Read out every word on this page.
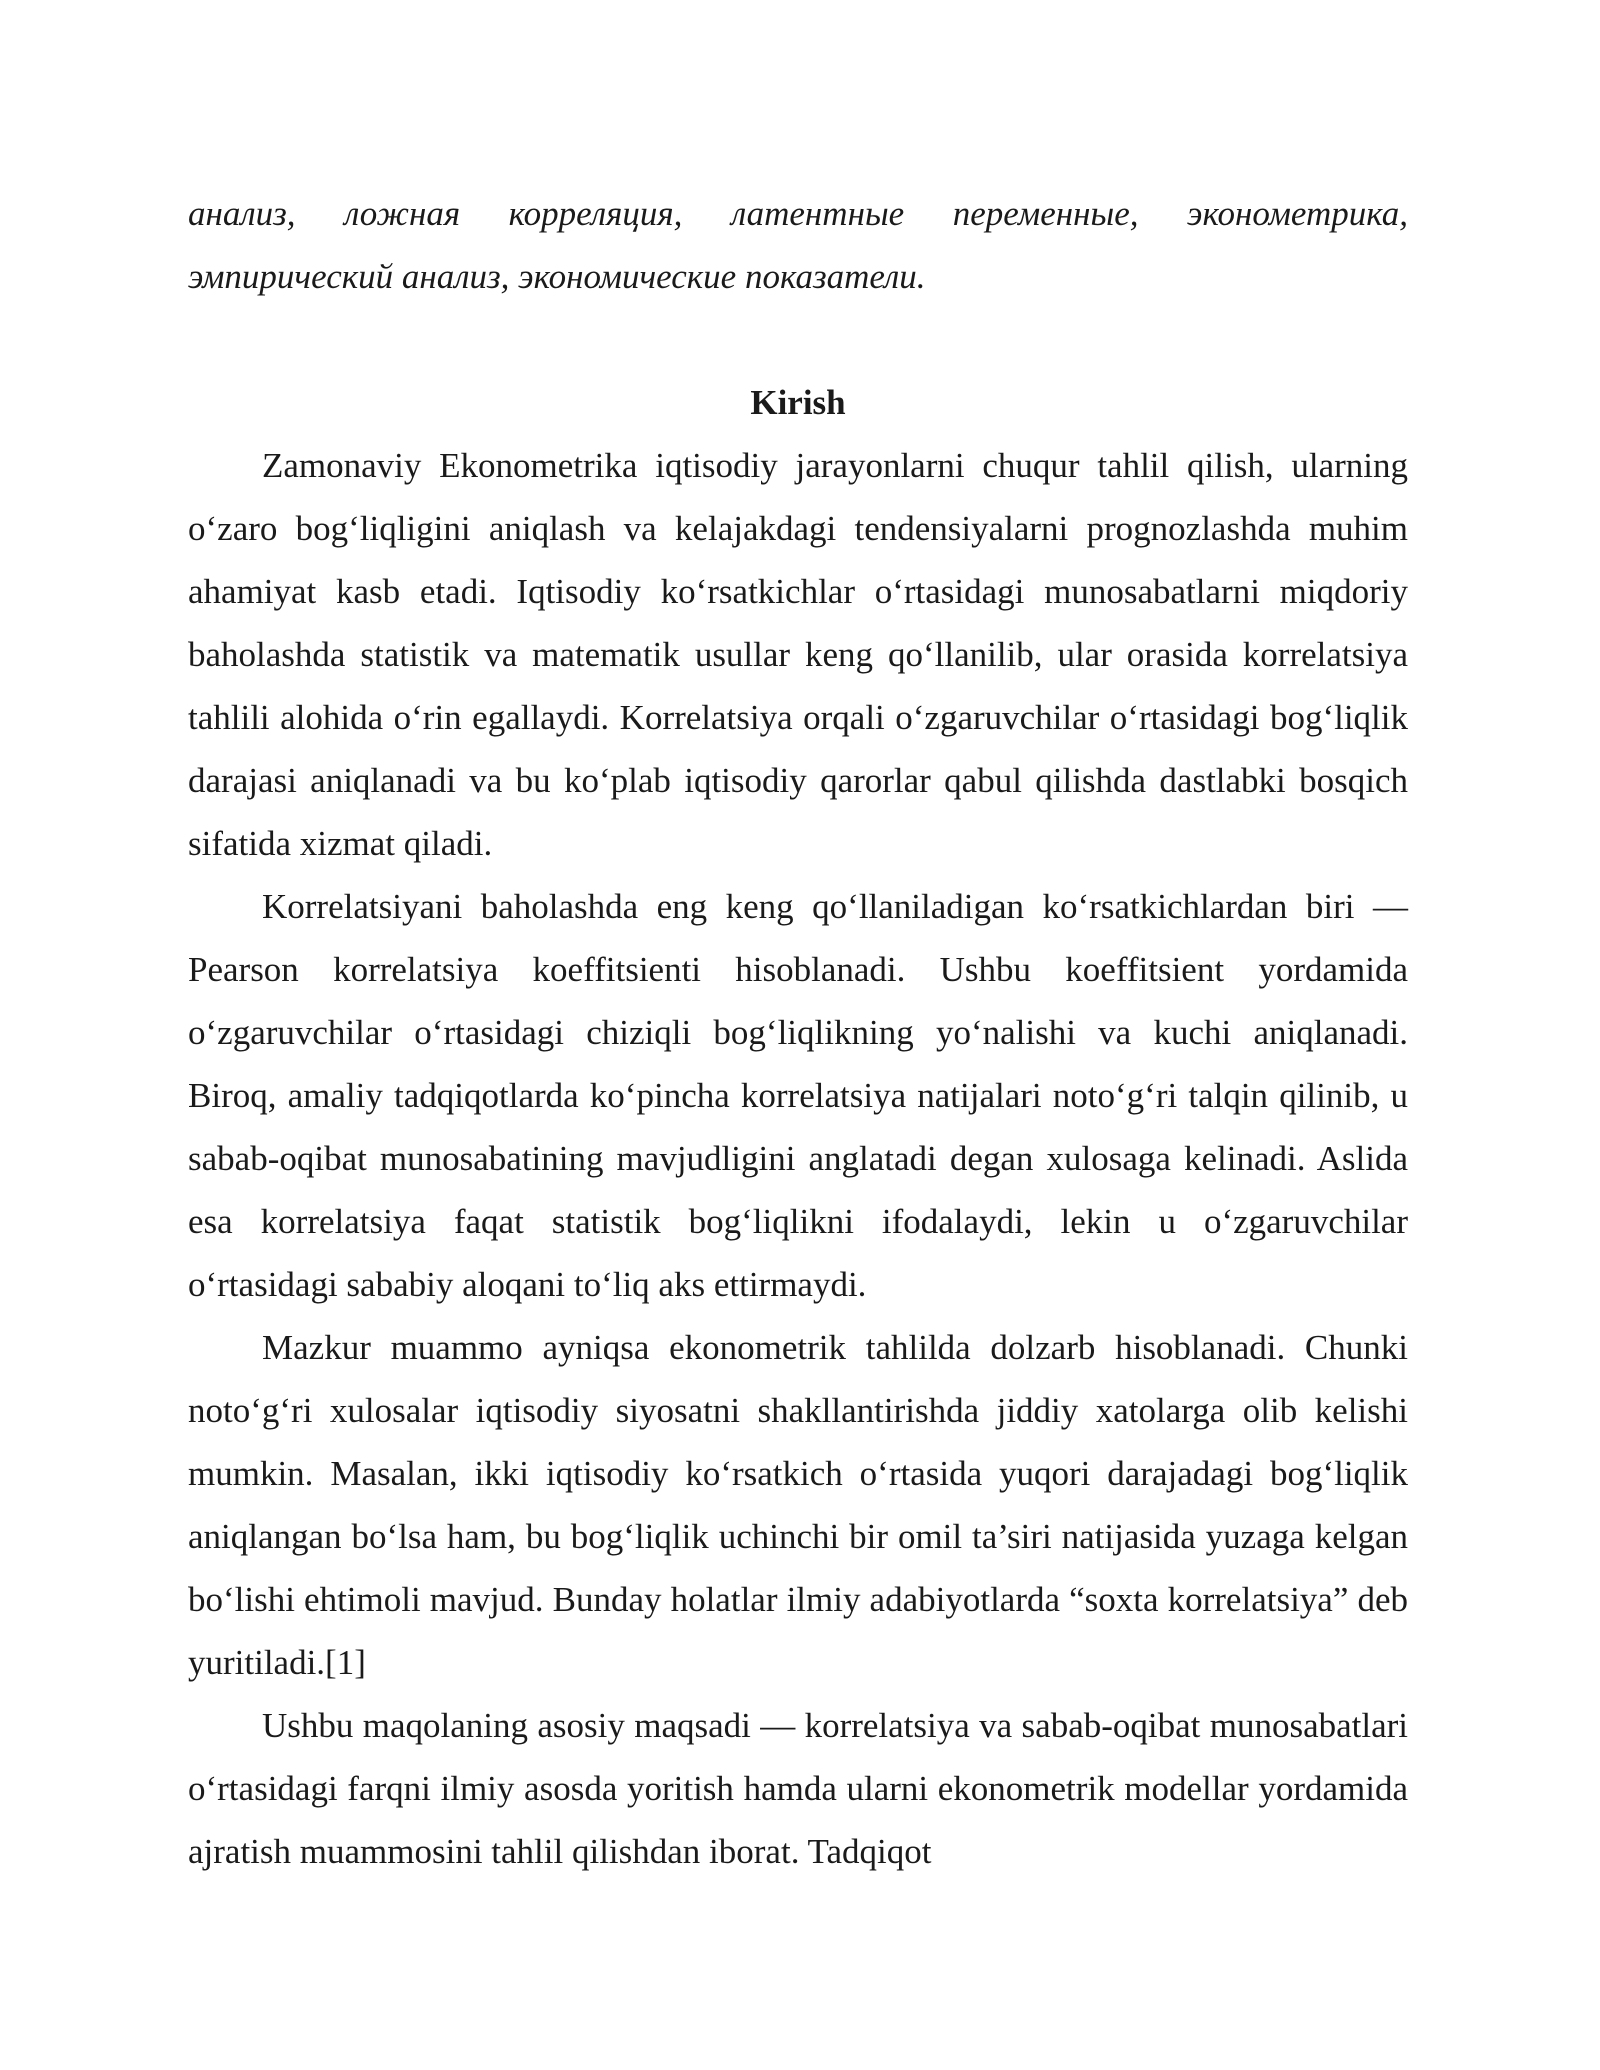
анализ, ложная корреляция, латентные переменные, эконометрика, эмпирический анализ, экономические показатели.

Kirish

Zamonaviy Ekonometrika iqtisodiy jarayonlarni chuqur tahlil qilish, ularning o‘zaro bog‘liqligini aniqlash va kelajakdagi tendensiyalarni prognozlashda muhim ahamiyat kasb etadi. Iqtisodiy ko‘rsatkichlar o‘rtasidagi munosabatlarni miqdoriy baholashda statistik va matematik usullar keng qo‘llanilib, ular orasida korrelatsiya tahlili alohida o‘rin egallaydi. Korrelatsiya orqali o‘zgaruvchilar o‘rtasidagi bog‘liqlik darajasi aniqlanadi va bu ko‘plab iqtisodiy qarorlar qabul qilishda dastlabki bosqich sifatida xizmat qiladi.

Korrelatsiyani baholashda eng keng qo‘llaniladigan ko‘rsatkichlardan biri — Pearson korrelatsiya koeffitsienti hisoblanadi. Ushbu koeffitsient yordamida o‘zgaruvchilar o‘rtasidagi chiziqli bog‘liqlikning yo‘nalishi va kuchi aniqlanadi. Biroq, amaliy tadqiqotlarda ko‘pincha korrelatsiya natijalari noto‘g‘ri talqin qilinib, u sabab-oqibat munosabatining mavjudligini anglatadi degan xulosaga kelinadi. Aslida esa korrelatsiya faqat statistik bog‘liqlikni ifodalaydi, lekin u o‘zgaruvchilar o‘rtasidagi sababiy aloqani to‘liq aks ettirmaydi.

Mazkur muammo ayniqsa ekonometrik tahlilda dolzarb hisoblanadi. Chunki noto‘g‘ri xulosalar iqtisodiy siyosatni shakllantirishda jiddiy xatolarga olib kelishi mumkin. Masalan, ikki iqtisodiy ko‘rsatkich o‘rtasida yuqori darajadagi bog‘liqlik aniqlangan bo‘lsa ham, bu bog‘liqlik uchinchi bir omil ta’siri natijasida yuzaga kelgan bo‘lishi ehtimoli mavjud. Bunday holatlar ilmiy adabiyotlarda “soxta korrelatsiya” deb yuritiladi.[1]

Ushbu maqolaning asosiy maqsadi — korrelatsiya va sabab-oqibat munosabatlari o‘rtasidagi farqni ilmiy asosda yoritish hamda ularni ekonometrik modellar yordamida ajratish muammosini tahlil qilishdan iborat. Tadqiqot
